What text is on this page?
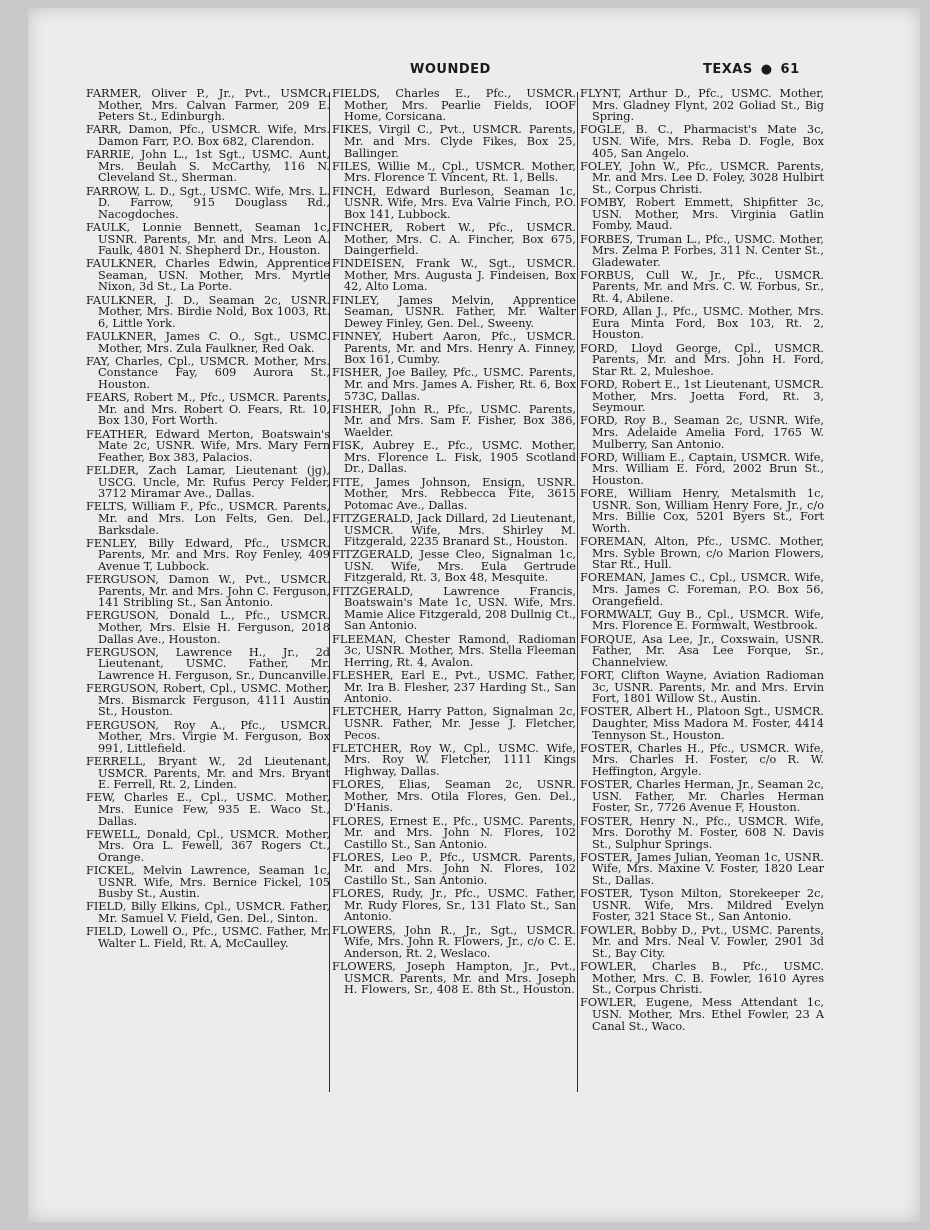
WOUNDED	TEXAS ● 61

FARMER, Oliver P., Jr., Pvt., USMCR. Mother, Mrs. Calvan Farmer, 209 E. Peters St., Edinburgh.

FARR, Damon, Pfc., USMCR. Wife, Mrs. Damon Farr, P.O. Box 682, Clarendon.

FARRIE, John L., 1st Sgt., USMC. Aunt, Mrs. Beulah S. McCarthy, 116 N. Cleveland St., Sherman.

FARROW, L. D., Sgt., USMC. Wife, Mrs. L. D. Farrow, 915 Douglass Rd., Nacogdoches.

FAULK, Lonnie Bennett, Seaman 1c, USNR. Parents, Mr. and Mrs. Leon A. Faulk, 4801 N. Shepherd Dr., Houston.

FAULKNER, Charles Edwin, Apprentice Seaman, USN. Mother, Mrs. Myrtle Nixon, 3d St., La Porte.

FAULKNER, J. D., Seaman 2c, USNR. Mother, Mrs. Birdie Nold, Box 1003, Rt. 6, Little York.

FAULKNER, James C. O., Sgt., USMC. Mother, Mrs. Zula Faulkner, Red Oak.

FAY, Charles, Cpl., USMCR. Mother, Mrs. Constance Fay, 609 Aurora St., Houston.

FEARS, Robert M., Pfc., USMCR. Parents, Mr. and Mrs. Robert O. Fears, Rt. 10, Box 130, Fort Worth.

FEATHER, Edward Merton, Boatswain's Mate 2c, USNR. Wife, Mrs. Mary Fern Feather, Box 383, Palacios.

FELDER, Zach Lamar, Lieutenant (jg), USCG. Uncle, Mr. Rufus Percy Felder, 3712 Miramar Ave., Dallas.

FELTS, William F., Pfc., USMCR. Parents, Mr. and Mrs. Lon Felts, Gen. Del., Barksdale.

FENLEY, Billy Edward, Pfc., USMCR. Parents, Mr. and Mrs. Roy Fenley, 409 Avenue T, Lubbock.

FERGUSON, Damon W., Pvt., USMCR. Parents, Mr. and Mrs. John C. Ferguson, 141 Stribling St., San Antonio.

FERGUSON, Donald L., Pfc., USMCR. Mother, Mrs. Elsie H. Ferguson, 2018 Dallas Ave., Houston.

FERGUSON, Lawrence H., Jr., 2d Lieutenant, USMC. Father, Mr. Lawrence H. Ferguson, Sr., Duncanville.

FERGUSON, Robert, Cpl., USMC. Mother, Mrs. Bismarck Ferguson, 4111 Austin St., Houston.

FERGUSON, Roy A., Pfc., USMCR. Mother, Mrs. Virgie M. Ferguson, Box 991, Littlefield.

FERRELL, Bryant W., 2d Lieutenant, USMCR. Parents, Mr. and Mrs. Bryant E. Ferrell, Rt. 2, Linden.

FEW, Charles E., Cpl., USMC. Mother, Mrs. Eunice Few, 935 E. Waco St., Dallas.

FEWELL, Donald, Cpl., USMCR. Mother, Mrs. Ora L. Fewell, 367 Rogers Ct., Orange.

FICKEL, Melvin Lawrence, Seaman 1c, USNR. Wife, Mrs. Bernice Fickel, 105 Busby St., Austin.

FIELD, Billy Elkins, Cpl., USMCR. Father, Mr. Samuel V. Field, Gen. Del., Sinton.

FIELD, Lowell O., Pfc., USMC. Father, Mr. Walter L. Field, Rt. A, McCaulley.

FIELDS, Charles E., Pfc., USMCR. Mother, Mrs. Pearlie Fields, IOOF Home, Corsicana.

FIKES, Virgil C., Pvt., USMCR. Parents, Mr. and Mrs. Clyde Fikes, Box 25, Ballinger.

FILES, Willie M., Cpl., USMCR. Mother, Mrs. Florence T. Vincent, Rt. 1, Bells.

FINCH, Edward Burleson, Seaman 1c, USNR. Wife, Mrs. Eva Valrie Finch, P.O. Box 141, Lubbock.

FINCHER, Robert W., Pfc., USMCR. Mother, Mrs. C. A. Fincher, Box 675, Daingerfield.

FINDEISEN, Frank W., Sgt., USMCR. Mother, Mrs. Augusta J. Findeisen, Box 42, Alto Loma.

FINLEY, James Melvin, Apprentice Seaman, USNR. Father, Mr. Walter Dewey Finley, Gen. Del., Sweeny.

FINNEY, Hubert Aaron, Pfc., USMCR. Parents, Mr. and Mrs. Henry A. Finney, Box 161, Cumby.

FISHER, Joe Bailey, Pfc., USMC. Parents, Mr. and Mrs. James A. Fisher, Rt. 6, Box 573C, Dallas.

FISHER, John R., Pfc., USMC. Parents, Mr. and Mrs. Sam F. Fisher, Box 386, Waelder.

FISK, Aubrey E., Pfc., USMC. Mother, Mrs. Florence L. Fisk, 1905 Scotland Dr., Dallas.

FITE, James Johnson, Ensign, USNR. Mother, Mrs. Rebbecca Fite, 3615 Potomac Ave., Dallas.

FITZGERALD, Jack Dillard, 2d Lieutenant, USMCR. Wife, Mrs. Shirley M. Fitzgerald, 2235 Branard St., Houston.

FITZGERALD, Jesse Cleo, Signalman 1c, USN. Wife, Mrs. Eula Gertrude Fitzgerald, Rt. 3, Box 48, Mesquite.

FITZGERALD, Lawrence Francis, Boatswain's Mate 1c, USN. Wife, Mrs. Mamie Alice Fitzgerald, 208 Dullnig Ct., San Antonio.

FLEEMAN, Chester Ramond, Radioman 3c, USNR. Mother, Mrs. Stella Fleeman Herring, Rt. 4, Avalon.

FLESHER, Earl E., Pvt., USMC. Father, Mr. Ira B. Flesher, 237 Harding St., San Antonio.

FLETCHER, Harry Patton, Signalman 2c, USNR. Father, Mr. Jesse J. Fletcher, Pecos.

FLETCHER, Roy W., Cpl., USMC. Wife, Mrs. Roy W. Fletcher, 1111 Kings Highway, Dallas.

FLORES, Elias, Seaman 2c, USNR. Mother, Mrs. Otila Flores, Gen. Del., D'Hanis.

FLORES, Ernest E., Pfc., USMC. Parents, Mr. and Mrs. John N. Flores, 102 Castillo St., San Antonio.

FLORES, Leo P., Pfc., USMCR. Parents, Mr. and Mrs. John N. Flores, 102 Castillo St., San Antonio.

FLORES, Rudy, Jr., Pfc., USMC. Father, Mr. Rudy Flores, Sr., 131 Flato St., San Antonio.

FLOWERS, John R., Jr., Sgt., USMCR. Wife, Mrs. John R. Flowers, Jr., c/o C. E. Anderson, Rt. 2, Weslaco.

FLOWERS, Joseph Hampton, Jr., Pvt., USMCR. Parents, Mr. and Mrs. Joseph H. Flowers, Sr., 408 E. 8th St., Houston.

FLYNT, Arthur D., Pfc., USMC. Mother, Mrs. Gladney Flynt, 202 Goliad St., Big Spring.

FOGLE, B. C., Pharmacist's Mate 3c, USN. Wife, Mrs. Reba D. Fogle, Box 405, San Angelo.

FOLEY, John W., Pfc., USMCR. Parents, Mr. and Mrs. Lee D. Foley, 3028 Hulbirt St., Corpus Christi.

FOMBY, Robert Emmett, Shipfitter 3c, USN. Mother, Mrs. Virginia Gatlin Fomby, Maud.

FORBES, Truman L., Pfc., USMC. Mother, Mrs. Zelma P. Forbes, 311 N. Center St., Gladewater.

FORBUS, Cull W., Jr., Pfc., USMCR. Parents, Mr. and Mrs. C. W. Forbus, Sr., Rt. 4, Abilene.

FORD, Allan J., Pfc., USMC. Mother, Mrs. Eura Minta Ford, Box 103, Rt. 2, Houston.

FORD, Lloyd George, Cpl., USMCR. Parents, Mr. and Mrs. John H. Ford, Star Rt. 2, Muleshoe.

FORD, Robert E., 1st Lieutenant, USMCR. Mother, Mrs. Joetta Ford, Rt. 3, Seymour.

FORD, Roy B., Seaman 2c, USNR. Wife, Mrs. Adelaide Amelia Ford, 1765 W. Mulberry, San Antonio.

FORD, William E., Captain, USMCR. Wife, Mrs. William E. Ford, 2002 Brun St., Houston.

FORE, William Henry, Metalsmith 1c, USNR. Son, William Henry Fore, Jr., c/o Mrs. Billie Cox, 5201 Byers St., Fort Worth.

FOREMAN, Alton, Pfc., USMC. Mother, Mrs. Syble Brown, c/o Marion Flowers, Star Rt., Hull.

FOREMAN, James C., Cpl., USMCR. Wife, Mrs. James C. Foreman, P.O. Box 56, Orangefield.

FORMWALT, Guy B., Cpl., USMCR. Wife, Mrs. Florence E. Formwalt, Westbrook.

FORQUE, Asa Lee, Jr., Coxswain, USNR. Father, Mr. Asa Lee Forque, Sr., Channelview.

FORT, Clifton Wayne, Aviation Radioman 3c, USNR. Parents, Mr. and Mrs. Ervin Fort, 1801 Willow St., Austin.

FOSTER, Albert H., Platoon Sgt., USMCR. Daughter, Miss Madora M. Foster, 4414 Tennyson St., Houston.

FOSTER, Charles H., Pfc., USMCR. Wife, Mrs. Charles H. Foster, c/o R. W. Heffington, Argyle.

FOSTER, Charles Herman, Jr., Seaman 2c, USN. Father, Mr. Charles Herman Foster, Sr., 7726 Avenue F, Houston.

FOSTER, Henry N., Pfc., USMCR. Wife, Mrs. Dorothy M. Foster, 608 N. Davis St., Sulphur Springs.

FOSTER, James Julian, Yeoman 1c, USNR. Wife, Mrs. Maxine V. Foster, 1820 Lear St., Dallas.

FOSTER, Tyson Milton, Storekeeper 2c, USNR. Wife, Mrs. Mildred Evelyn Foster, 321 Stace St., San Antonio.

FOWLER, Bobby D., Pvt., USMC. Parents, Mr. and Mrs. Neal V. Fowler, 2901 3d St., Bay City.

FOWLER, Charles B., Pfc., USMC. Mother, Mrs. C. B. Fowler, 1610 Ayres St., Corpus Christi.

FOWLER, Eugene, Mess Attendant 1c, USN. Mother, Mrs. Ethel Fowler, 23 A Canal St., Waco.
